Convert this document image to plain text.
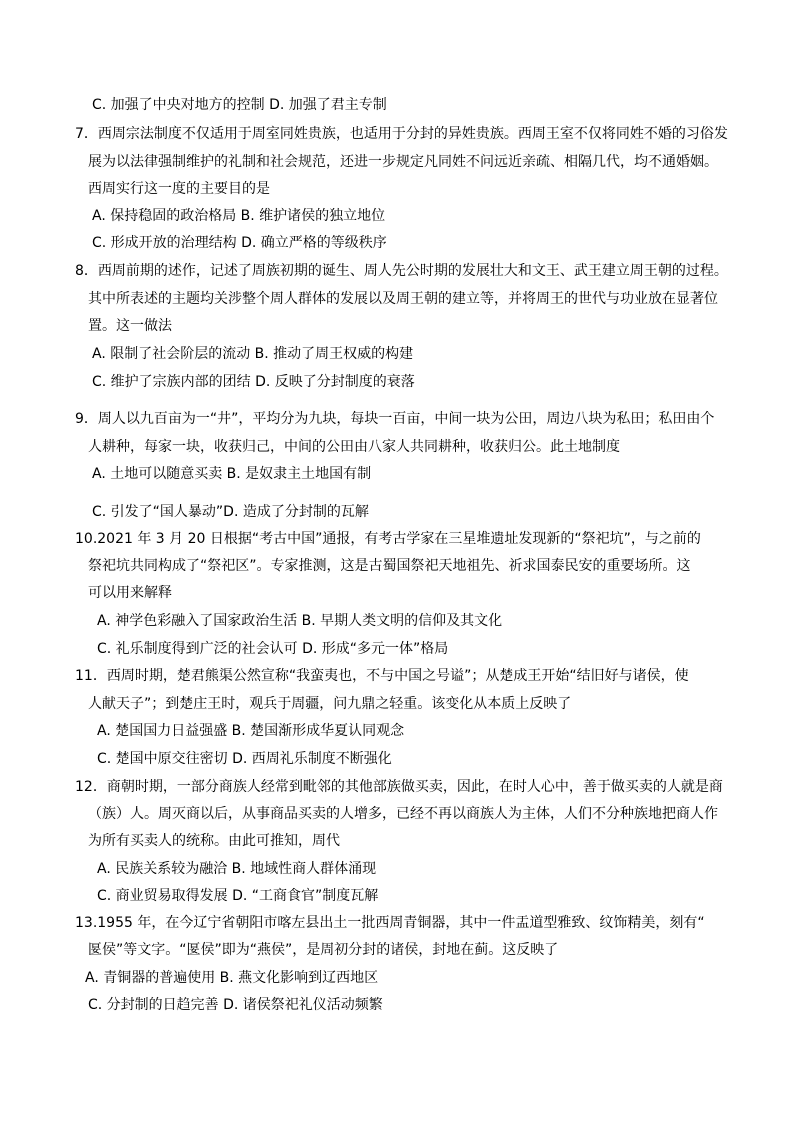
C. 加强了中央对地方的控制 D. 加强了君主专制
7．西周宗法制度不仅适用于周室同姓贵族，也适用于分封的异姓贵族。西周王室不仅将同姓不婚的习俗发
展为以法律强制维护的礼制和社会规范，还进一步规定凡同姓不问远近亲疏、相隔几代，均不通婚姻。
西周实行这一度的主要目的是
A. 保持稳固的政治格局 B. 维护诸侯的独立地位
C. 形成开放的治理结构 D. 确立严格的等级秩序
8．西周前期的述作，记述了周族初期的诞生、周人先公时期的发展壮大和文王、武王建立周王朝的过程。
其中所表述的主题均关涉整个周人群体的发展以及周王朝的建立等，并将周王的世代与功业放在显著位
置。这一做法
A. 限制了社会阶层的流动 B. 推动了周王权威的构建
C. 维护了宗族内部的团结 D. 反映了分封制度的衰落
9．周人以九百亩为一“井”，平均分为九块，每块一百亩，中间一块为公田，周边八块为私田；私田由个
人耕种，每家一块，收获归己，中间的公田由八家人共同耕种，收获归公。此土地制度
A. 土地可以随意买卖 B. 是奴隶主土地国有制
C. 引发了“国人暴动”D. 造成了分封制的瓦解
10.2021 年 3 月 20 日根据“考古中国”通报，有考古学家在三星堆遗址发现新的“祭祀坑”，与之前的
祭祀坑共同构成了“祭祀区”。专家推测，这是古蜀国祭祀天地祖先、祈求国泰民安的重要场所。这
可以用来解释
A. 神学色彩融入了国家政治生活 B. 早期人类文明的信仰及其文化
C. 礼乐制度得到广泛的社会认可 D. 形成“多元一体”格局
11．西周时期，楚君熊渠公然宣称“我蛮夷也，不与中国之号谥”；从楚成王开始“结旧好与诸侯，使
人献天子”；到楚庄王时，观兵于周疆，问九鼎之轻重。该变化从本质上反映了
A. 楚国国力日益强盛 B. 楚国渐形成华夏认同观念
C. 楚国中原交往密切 D. 西周礼乐制度不断强化
12．商朝时期，一部分商族人经常到毗邻的其他部族做买卖，因此，在时人心中，善于做买卖的人就是商
（族）人。周灭商以后，从事商品买卖的人增多，已经不再以商族人为主体，人们不分种族地把商人作
为所有买卖人的统称。由此可推知，周代
A. 民族关系较为融洽 B. 地域性商人群体涌现
C. 商业贸易取得发展 D. “工商食官”制度瓦解
13.1955 年，在今辽宁省朝阳市喀左县出土一批西周青铜器，其中一件盂道型雅致、纹饰精美，刻有“
匽侯”等文字。“匽侯”即为“燕侯”，是周初分封的诸侯，封地在蓟。这反映了
A. 青铜器的普遍使用 B. 燕文化影响到辽西地区
C. 分封制的日趋完善 D. 诸侯祭祀礼仪活动频繁
